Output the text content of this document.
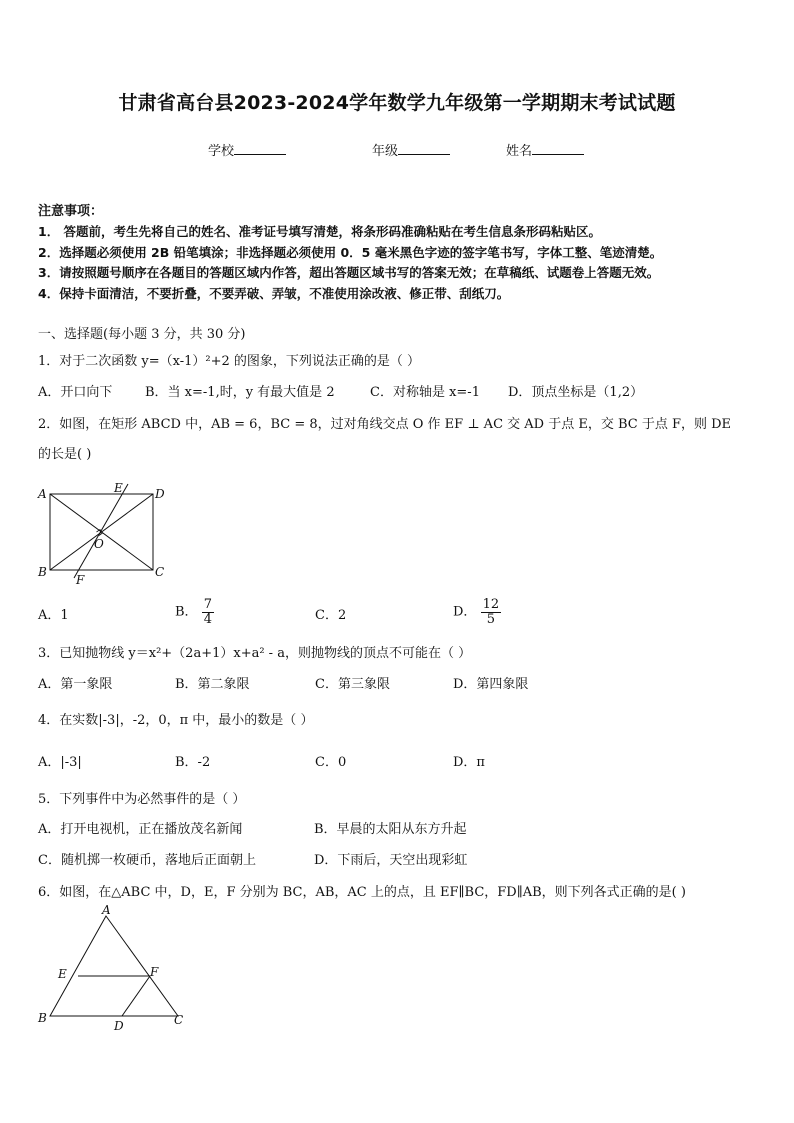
甘肃省高台县2023-2024学年数学九年级第一学期期末考试试题
学校	年级	姓名
注意事项：
1． 答题前，考生先将自己的姓名、准考证号填写清楚，将条形码准确粘贴在考生信息条形码粘贴区。
2．选择题必须使用 2B 铅笔填涂；非选择题必须使用 0．5 毫米黑色字迹的签字笔书写，字体工整、笔迹清楚。
3．请按照题号顺序在各题目的答题区域内作答，超出答题区域书写的答案无效；在草稿纸、试题卷上答题无效。
4．保持卡面清洁，不要折叠，不要弄破、弄皱，不准使用涂改液、修正带、刮纸刀。
一、选择题(每小题 3 分，共 30 分)
1．对于二次函数 y=（x-1）²+2 的图象，下列说法正确的是（ ）
A．开口向下	B．当 x=-1,时，y 有最大值是 2	C．对称轴是 x=-1 D．顶点坐标是（1,2）
2．如图，在矩形 ABCD 中，AB = 6，BC = 8，过对角线交点 O 作 EF ⊥ AC 交 AD 于点 E，交 BC 于点 F，则 DE
的长是( )
A
B	C
D
E
F
O
A．1	B． $\frac{7}{4}$	C．2	D． $\frac{12}{5}$
3．已知抛物线 y＝x²+（2a+1）x+a² - a，则抛物线的顶点不可能在（ ）
A．第一象限	B．第二象限	C．第三象限	D．第四象限
4．在实数|-3|，-2，0，π 中，最小的数是（ ）
A．|-3|	B．-2	C．0	D．π
5．下列事件中为必然事件的是（ ）
A．打开电视机，正在播放茂名新闻	B．早晨的太阳从东方升起
C．随机掷一枚硬币，落地后正面朝上	D．下雨后，天空出现彩虹
6．如图，在△ABC 中，D，E，F 分别为 BC，AB，AC 上的点，且 EF∥BC，FD∥AB，则下列各式正确的是( )
A
B	C
D
E	F
